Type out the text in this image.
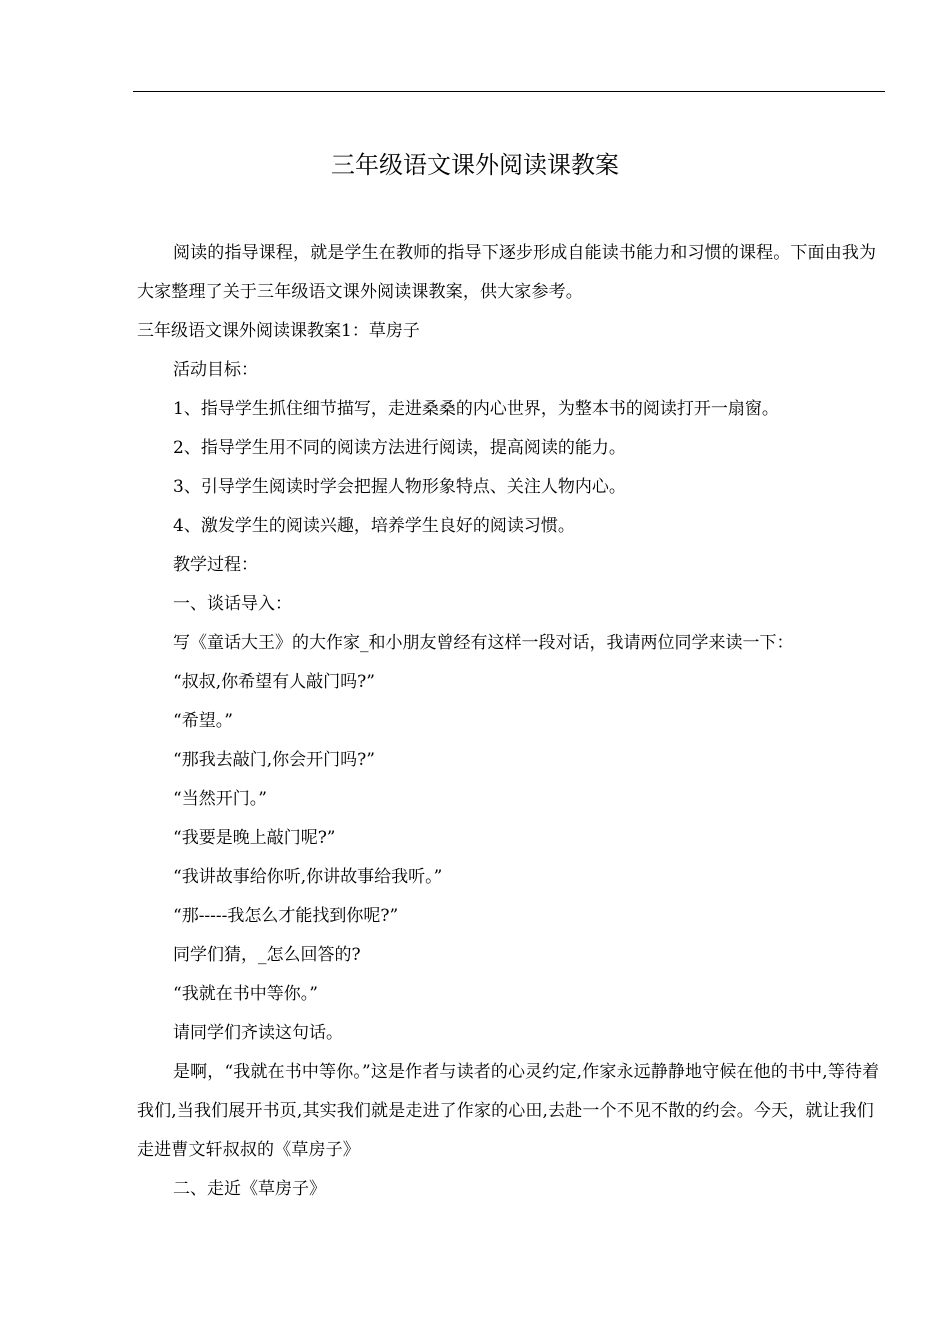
三年级语文课外阅读课教案

阅读的指导课程，就是学生在教师的指导下逐步形成自能读书能力和习惯的课程。下面由我为大家整理了关于三年级语文课外阅读课教案，供大家参考。

三年级语文课外阅读课教案1：草房子

活动目标：

1、指导学生抓住细节描写，走进桑桑的内心世界，为整本书的阅读打开一扇窗。

2、指导学生用不同的阅读方法进行阅读，提高阅读的能力。

3、引导学生阅读时学会把握人物形象特点、关注人物内心。

4、激发学生的阅读兴趣，培养学生良好的阅读习惯。

教学过程：

一、谈话导入：

写《童话大王》的大作家_和小朋友曾经有这样一段对话，我请两位同学来读一下：

“叔叔,你希望有人敲门吗?”

“希望。”

“那我去敲门,你会开门吗?”

“当然开门。”

“我要是晚上敲门呢?”

“我讲故事给你听,你讲故事给我听。”

“那-----我怎么才能找到你呢?”

同学们猜，_怎么回答的?

“我就在书中等你。”

请同学们齐读这句话。

是啊，“我就在书中等你。”这是作者与读者的心灵约定,作家永远静静地守候在他的书中,等待着我们,当我们展开书页,其实我们就是走进了作家的心田,去赴一个不见不散的约会。今天，就让我们走进曹文轩叔叔的《草房子》

二、走近《草房子》
